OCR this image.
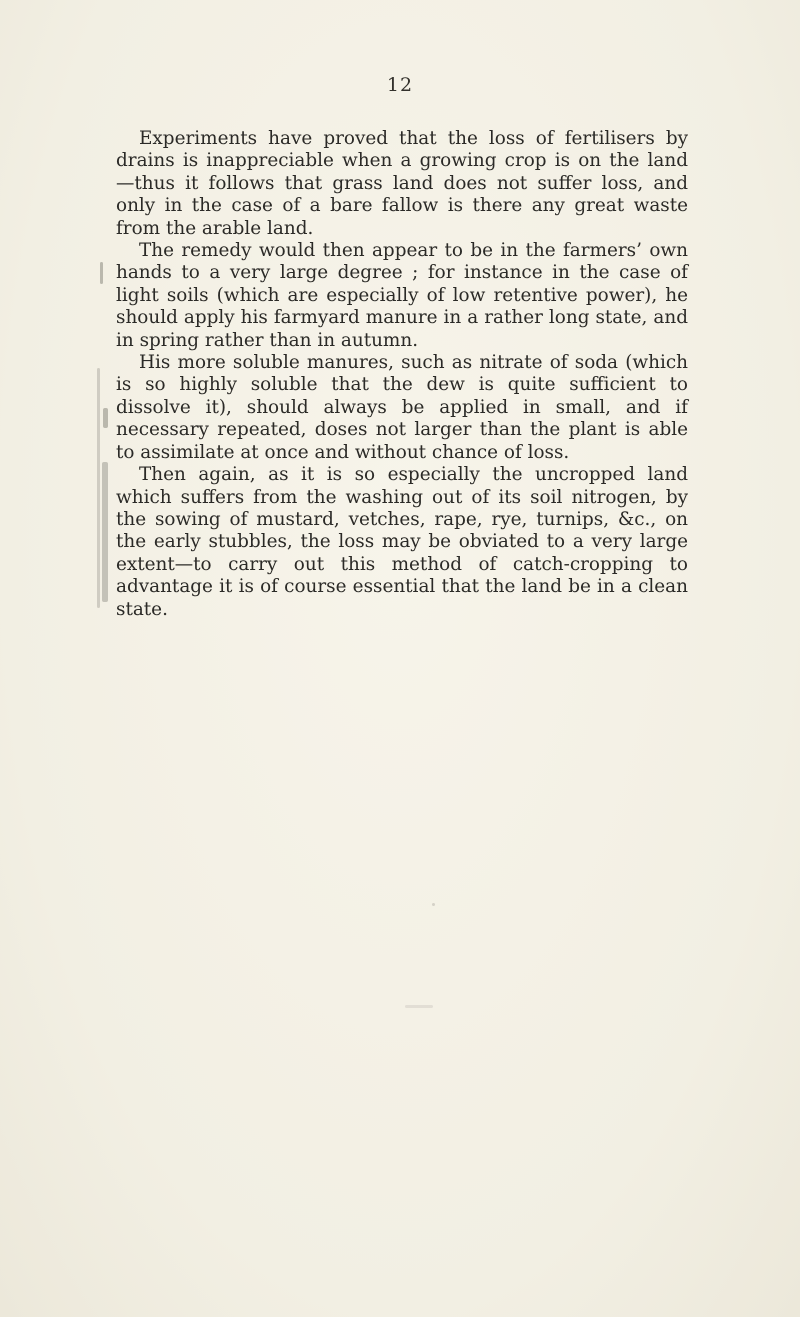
12

Experiments have proved that the loss of fertilisers by drains is inappreciable when a growing crop is on the land —thus it follows that grass land does not suffer loss, and only in the case of a bare fallow is there any great waste from the arable land.

The remedy would then appear to be in the farmers’ own hands to a very large degree ; for instance in the case of light soils (which are especially of low retentive power), he should apply his farmyard manure in a rather long state, and in spring rather than in autumn.

His more soluble manures, such as nitrate of soda (which is so highly soluble that the dew is quite sufficient to dissolve it), should always be applied in small, and if necessary repeated, doses not larger than the plant is able to assimilate at once and without chance of loss.

Then again, as it is so especially the uncropped land which suffers from the washing out of its soil nitrogen, by the sowing of mustard, vetches, rape, rye, turnips, &c., on the early stubbles, the loss may be obviated to a very large extent—to carry out this method of catch-cropping to advantage it is of course essential that the land be in a clean state.
